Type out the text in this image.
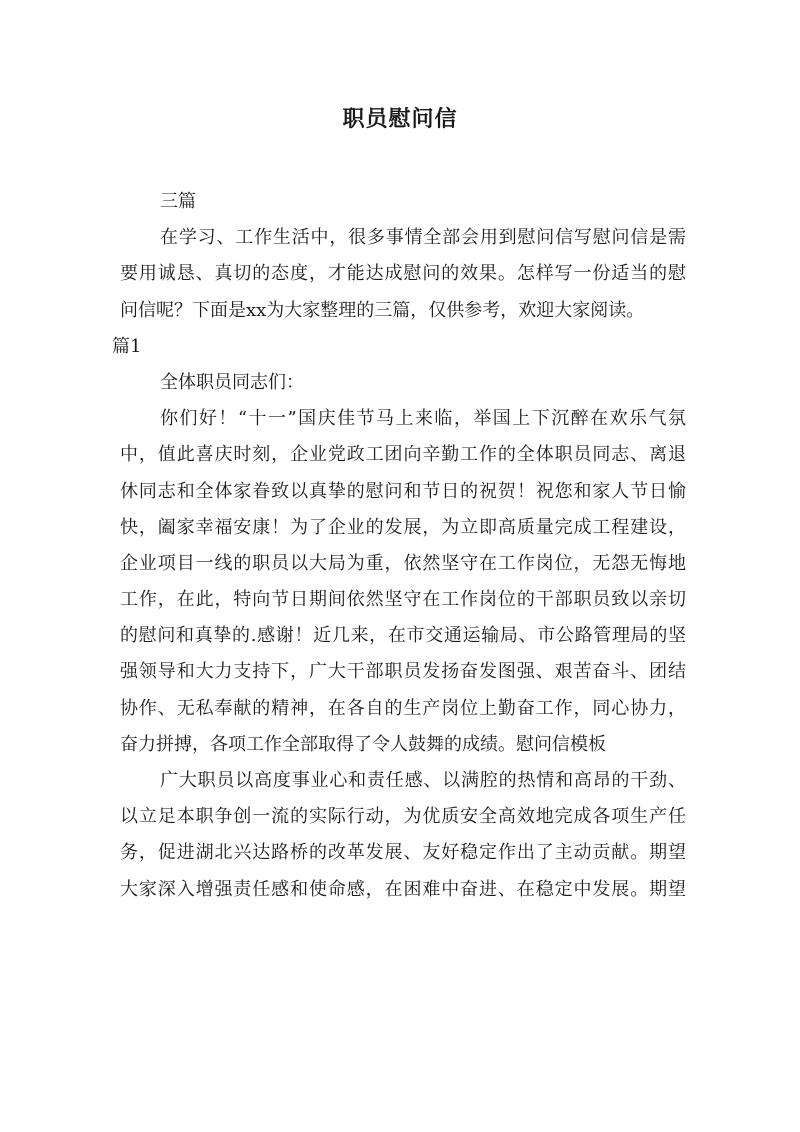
职员慰问信

三篇

在学习、工作生活中，很多事情全部会用到慰问信写慰问信是需

要用诚恳、真切的态度，才能达成慰问的效果。怎样写一份适当的慰

问信呢？下面是xx为大家整理的三篇，仅供参考，欢迎大家阅读。

篇1

全体职员同志们：

你们好！“十一”国庆佳节马上来临，举国上下沉醉在欢乐气氛

中，值此喜庆时刻，企业党政工团向辛勤工作的全体职员同志、离退

休同志和全体家眷致以真挚的慰问和节日的祝贺！祝您和家人节日愉

快，阖家幸福安康！为了企业的发展，为立即高质量完成工程建设，

企业项目一线的职员以大局为重，依然坚守在工作岗位，无怨无悔地

工作，在此，特向节日期间依然坚守在工作岗位的干部职员致以亲切

的慰问和真挚的.感谢！近几来，在市交通运输局、市公路管理局的坚

强领导和大力支持下，广大干部职员发扬奋发图强、艰苦奋斗、团结

协作、无私奉献的精神，在各自的生产岗位上勤奋工作，同心协力，

奋力拼搏，各项工作全部取得了令人鼓舞的成绩。慰问信模板

广大职员以高度事业心和责任感、以满腔的热情和高昂的干劲、

以立足本职争创一流的实际行动，为优质安全高效地完成各项生产任

务，促进湖北兴达路桥的改革发展、友好稳定作出了主动贡献。期望

大家深入增强责任感和使命感，在困难中奋进、在稳定中发展。期望
